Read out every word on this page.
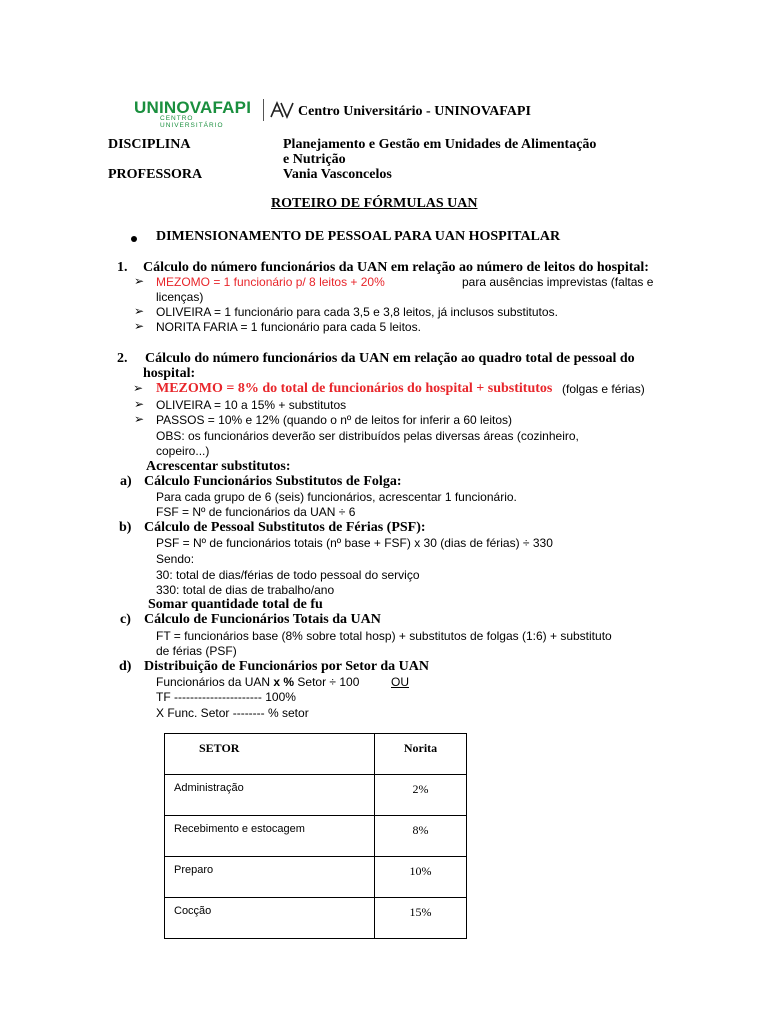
UNINOVAFAPI
CENTRO UNIVERSITÁRIO
Centro Universitário - UNINOVAFAPI
DISCIPLINA	Planejamento e Gestão em Unidades de Alimentação
e Nutrição
PROFESSORA	Vania Vasconcelos
ROTEIRO DE FÓRMULAS UAN
DIMENSIONAMENTO DE PESSOAL PARA UAN HOSPITALAR
1. Cálculo do número funcionários da UAN em relação ao número de leitos do hospital:
➢ MEZOMO = 1 funcionário p/ 8 leitos + 20%	para ausências imprevistas (faltas e
licenças)
➢ OLIVEIRA = 1 funcionário para cada 3,5 e 3,8 leitos, já inclusos substitutos.
➢ NORITA FARIA = 1 funcionário para cada 5 leitos.
2. Cálculo do número funcionários da UAN em relação ao quadro total de pessoal do
hospital:
➢ MEZOMO = 8% do total de funcionários do hospital + substitutos (folgas e férias)
➢ OLIVEIRA = 10 a 15% + substitutos
➢ PASSOS = 10% e 12% (quando o nº de leitos for inferir a 60 leitos)
OBS: os funcionários deverão ser distribuídos pelas diversas áreas (cozinheiro,
copeiro...)
Acrescentar substitutos:
a) Cálculo Funcionários Substitutos de Folga:
Para cada grupo de 6 (seis) funcionários, acrescentar 1 funcionário.
FSF = Nº de funcionários da UAN ÷ 6
b) Cálculo de Pessoal Substitutos de Férias (PSF):
PSF = Nº de funcionários totais (nº base + FSF) x 30 (dias de férias) ÷ 330
Sendo:
30: total de dias/férias de todo pessoal do serviço
330: total de dias de trabalho/ano
Somar quantidade total de fu
c) Cálculo de Funcionários Totais da UAN
FT = funcionários base (8% sobre total hosp) + substitutos de folgas (1:6) + substituto
de férias (PSF)
d) Distribuição de Funcionários por Setor da UAN
Funcionários da UAN x % Setor ÷ 100	OU
TF ---------------------- 100%
X Func. Setor -------- % setor
SETOR	Norita

Administração	2%

Recebimento e estocagem	8%

Preparo	10%

Cocção	15%
